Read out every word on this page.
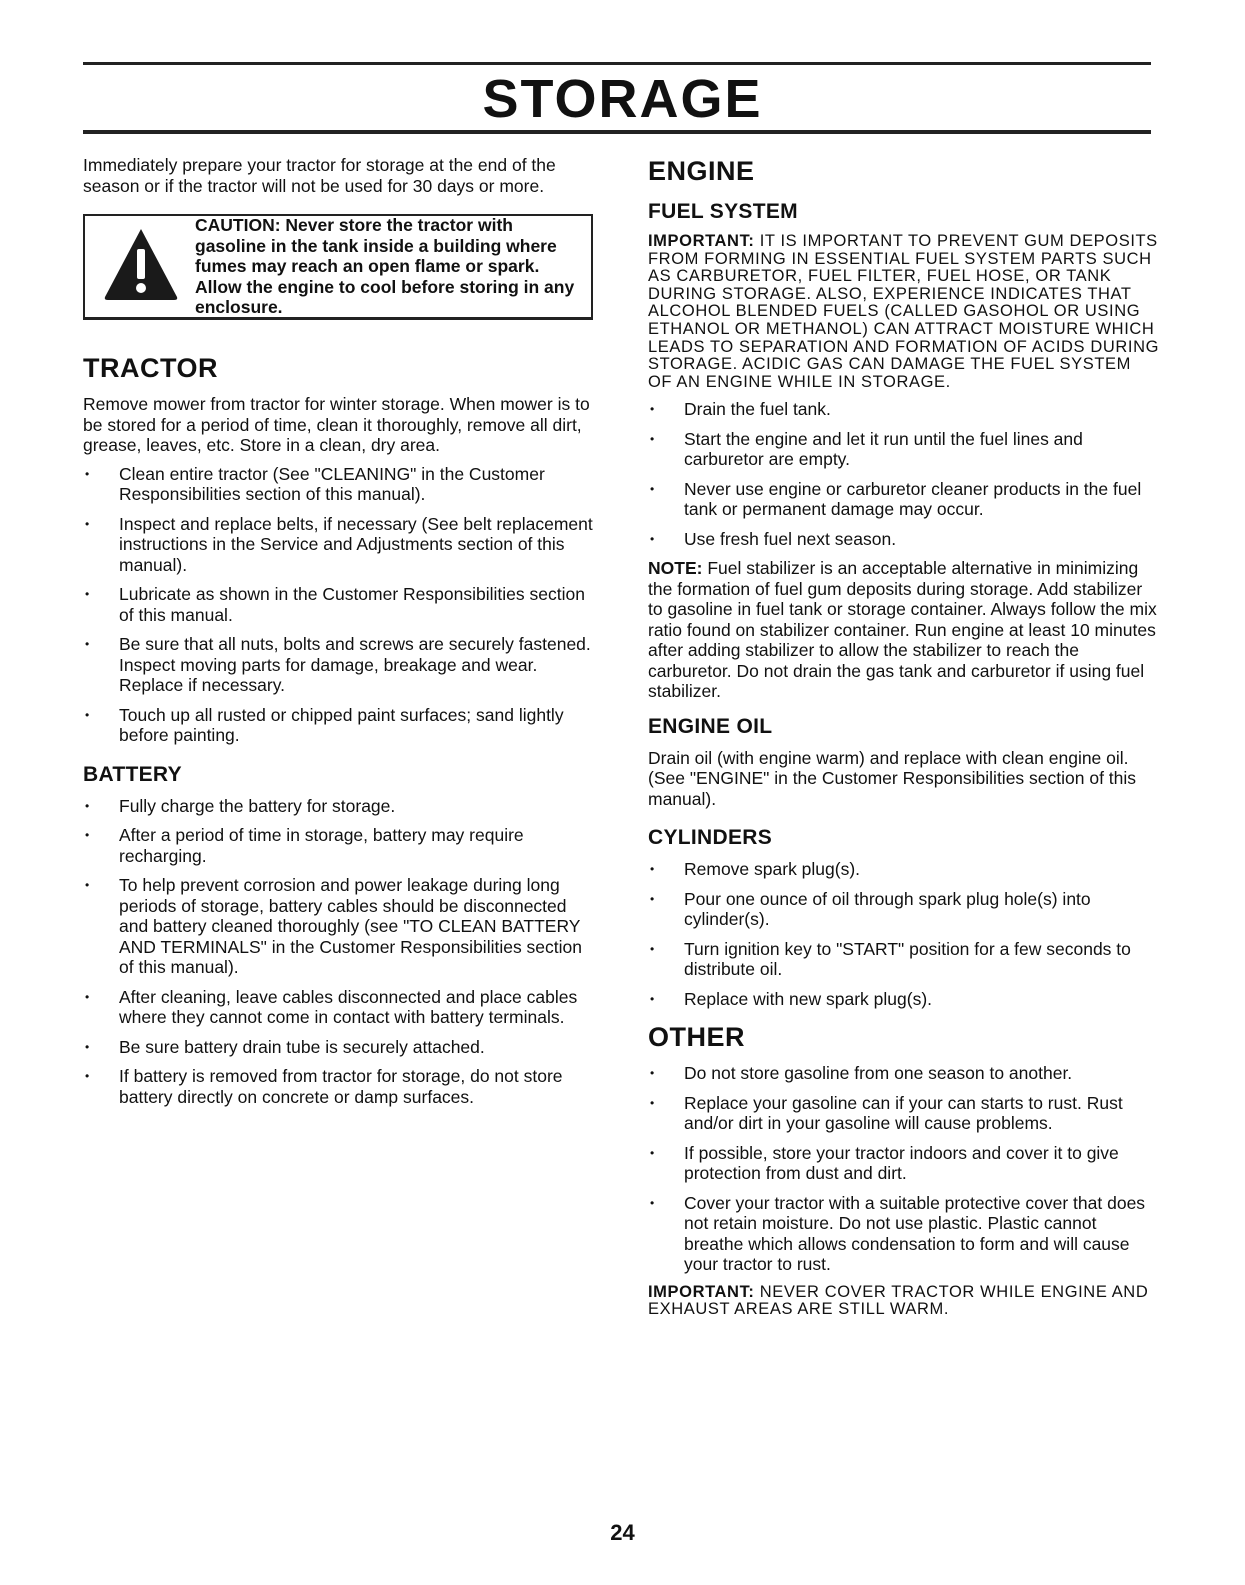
STORAGE

Immediately prepare your tractor for storage at the end of the season or if the tractor will not be used for 30 days or more.

CAUTION: Never store the tractor with gasoline in the tank inside a building where fumes may reach an open flame or spark. Allow the engine to cool before storing in any enclosure.

TRACTOR

Remove mower from tractor for winter storage. When mower is to be stored for a period of time, clean it thoroughly, remove all dirt, grease, leaves, etc. Store in a clean, dry area.

• Clean entire tractor (See "CLEANING" in the Customer Responsibilities section of this manual).
• Inspect and replace belts, if necessary (See belt replacement instructions in the Service and Adjustments section of this manual).
• Lubricate as shown in the Customer Responsibilities section of this manual.
• Be sure that all nuts, bolts and screws are securely fastened. Inspect moving parts for damage, breakage and wear. Replace if necessary.
• Touch up all rusted or chipped paint surfaces; sand lightly before painting.
BATTERY
• Fully charge the battery for storage.
• After a period of time in storage, battery may require recharging.
• To help prevent corrosion and power leakage during long periods of storage, battery cables should be disconnected and battery cleaned thoroughly (see "TO CLEAN BATTERY AND TERMINALS" in the Customer Responsibilities section of this manual).
• After cleaning, leave cables disconnected and place cables where they cannot come in contact with battery terminals.
• Be sure battery drain tube is securely attached.
• If battery is removed from tractor for storage, do not store battery directly on concrete or damp surfaces.
ENGINE
FUEL SYSTEM

IMPORTANT: IT IS IMPORTANT TO PREVENT GUM DEPOSITS FROM FORMING IN ESSENTIAL FUEL SYSTEM PARTS SUCH AS CARBURETOR, FUEL FILTER, FUEL HOSE, OR TANK DURING STORAGE. ALSO, EXPERIENCE INDICATES THAT ALCOHOL BLENDED FUELS (CALLED GASOHOL OR USING ETHANOL OR METHANOL) CAN ATTRACT MOISTURE WHICH LEADS TO SEPARATION AND FORMATION OF ACIDS DURING STORAGE. ACIDIC GAS CAN DAMAGE THE FUEL SYSTEM OF AN ENGINE WHILE IN STORAGE.

• Drain the fuel tank.
• Start the engine and let it run until the fuel lines and carburetor are empty.
• Never use engine or carburetor cleaner products in the fuel tank or permanent damage may occur.
• Use fresh fuel next season.

NOTE: Fuel stabilizer is an acceptable alternative in minimizing the formation of fuel gum deposits during storage. Add stabilizer to gasoline in fuel tank or storage container. Always follow the mix ratio found on stabilizer container. Run engine at least 10 minutes after adding stabilizer to allow the stabilizer to reach the carburetor. Do not drain the gas tank and carburetor if using fuel stabilizer.

ENGINE OIL

Drain oil (with engine warm) and replace with clean engine oil. (See "ENGINE" in the Customer Responsibilities section of this manual).

CYLINDERS
• Remove spark plug(s).
• Pour one ounce of oil through spark plug hole(s) into cylinder(s).
• Turn ignition key to "START" position for a few seconds to distribute oil.
• Replace with new spark plug(s).
OTHER
• Do not store gasoline from one season to another.
• Replace your gasoline can if your can starts to rust. Rust and/or dirt in your gasoline will cause problems.
• If possible, store your tractor indoors and cover it to give protection from dust and dirt.
• Cover your tractor with a suitable protective cover that does not retain moisture. Do not use plastic. Plastic cannot breathe which allows condensation to form and will cause your tractor to rust.

IMPORTANT: NEVER COVER TRACTOR WHILE ENGINE AND EXHAUST AREAS ARE STILL WARM.

24
